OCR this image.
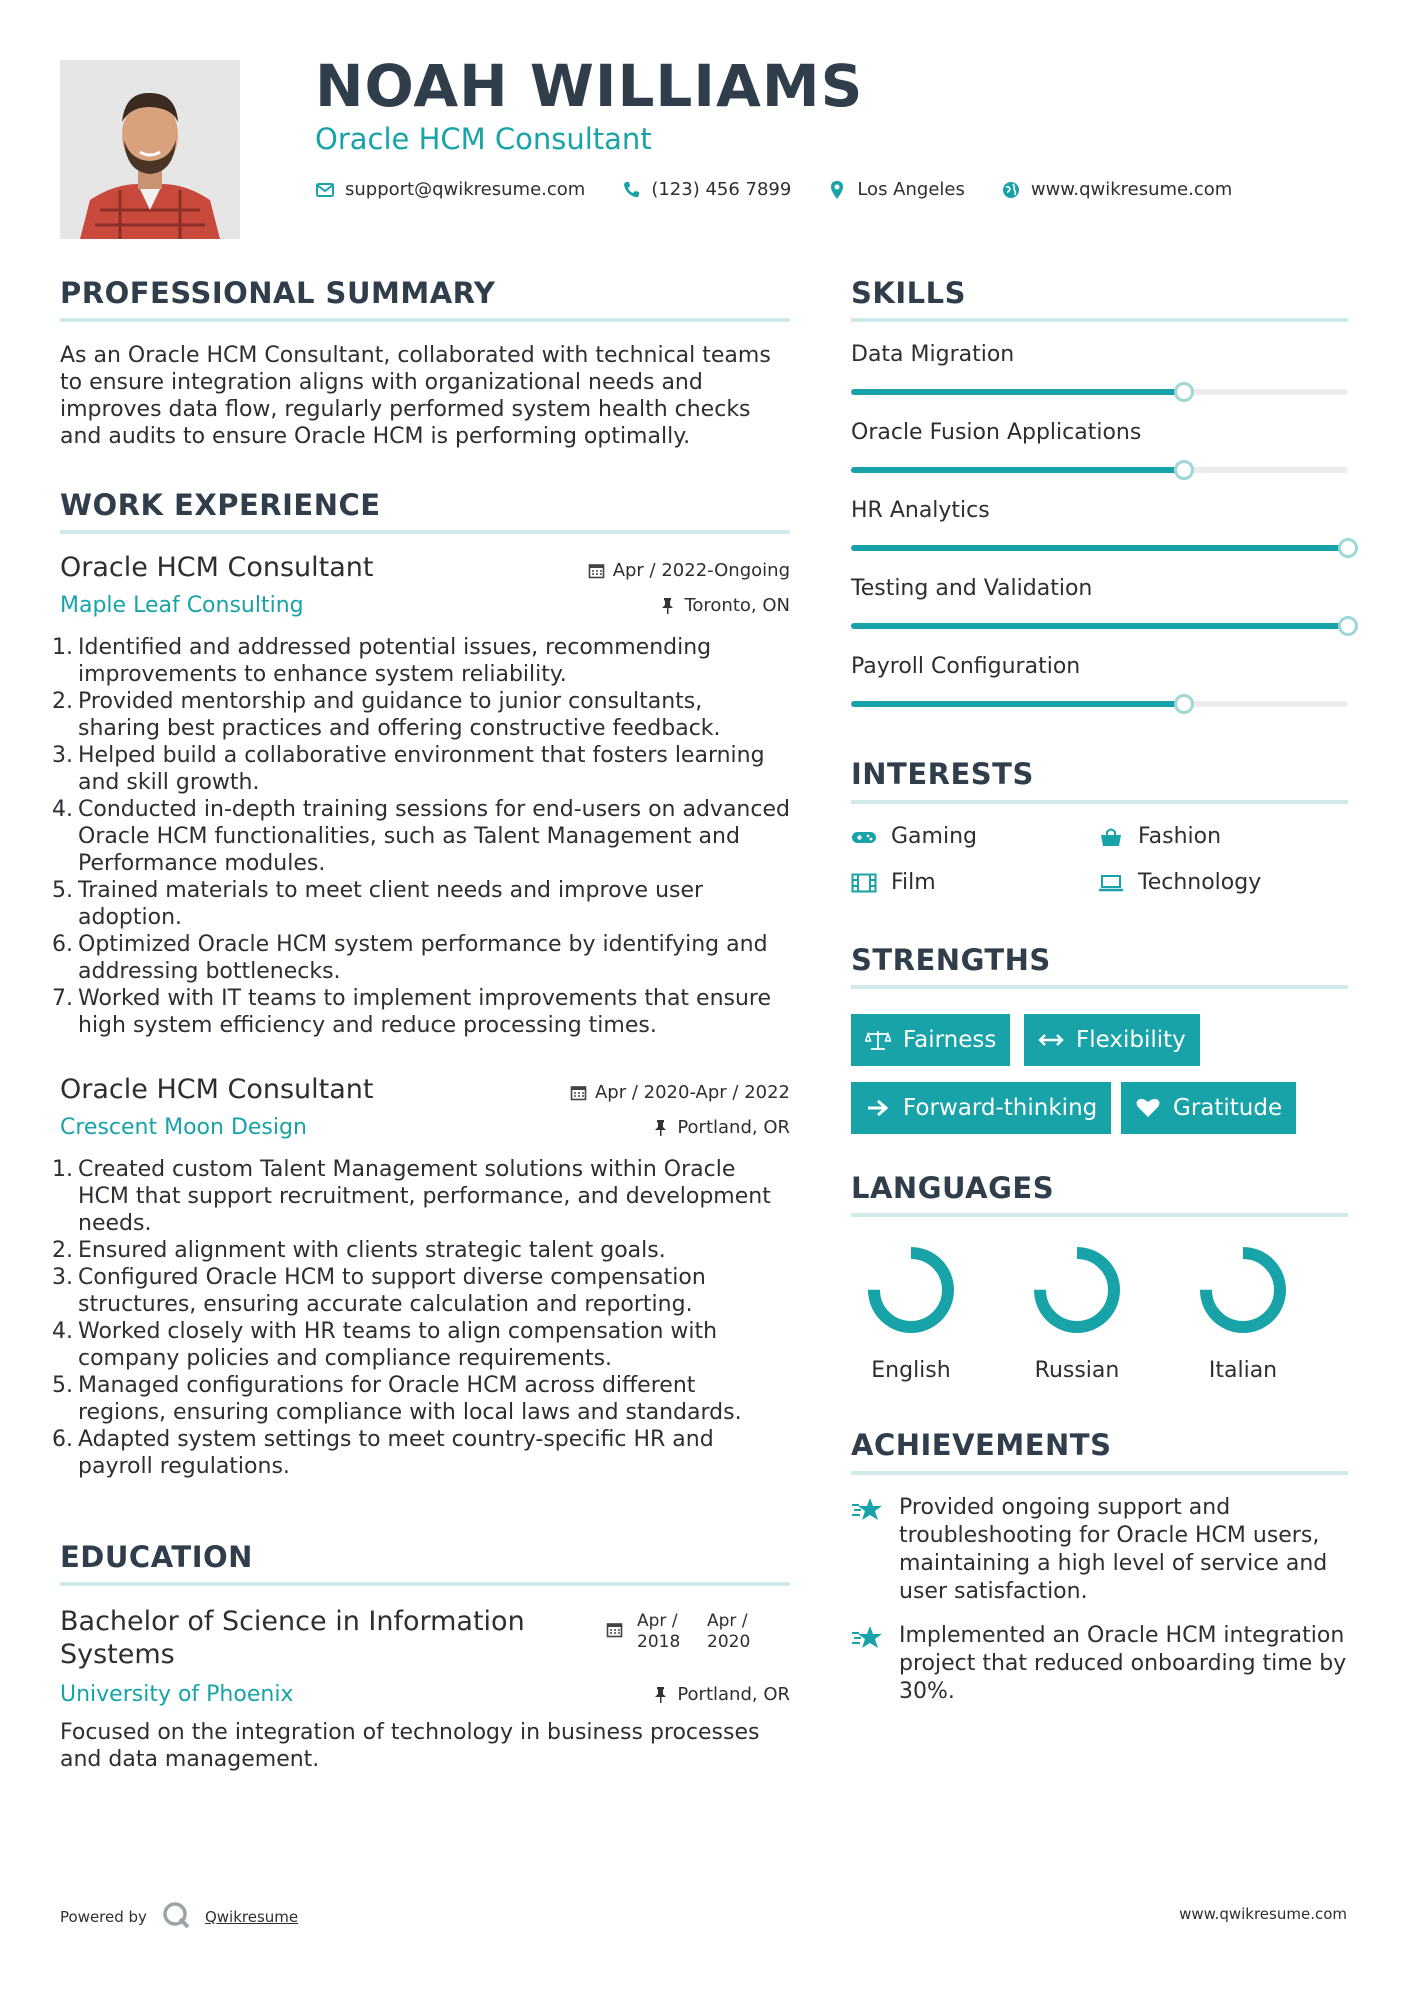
NOAH WILLIAMS
Oracle HCM Consultant
support@qwikresume.com	(123) 456 7899	Los Angeles	www.qwikresume.com
PROFESSIONAL SUMMARY
As an Oracle HCM Consultant, collaborated with technical teams to ensure integration aligns with organizational needs and improves data flow, regularly performed system health checks and audits to ensure Oracle HCM is performing optimally.
WORK EXPERIENCE
Oracle HCM Consultant	Apr / 2022-Ongoing
Maple Leaf Consulting	Toronto, ON
1. Identified and addressed potential issues, recommending improvements to enhance system reliability.
2. Provided mentorship and guidance to junior consultants, sharing best practices and offering constructive feedback.
3. Helped build a collaborative environment that fosters learning and skill growth.
4. Conducted in-depth training sessions for end-users on advanced Oracle HCM functionalities, such as Talent Management and Performance modules.
5. Trained materials to meet client needs and improve user adoption.
6. Optimized Oracle HCM system performance by identifying and addressing bottlenecks.
7. Worked with IT teams to implement improvements that ensure high system efficiency and reduce processing times.
Oracle HCM Consultant	Apr / 2020-Apr / 2022
Crescent Moon Design	Portland, OR
1. Created custom Talent Management solutions within Oracle HCM that support recruitment, performance, and development needs.
2. Ensured alignment with clients strategic talent goals.
3. Configured Oracle HCM to support diverse compensation structures, ensuring accurate calculation and reporting.
4. Worked closely with HR teams to align compensation with company policies and compliance requirements.
5. Managed configurations for Oracle HCM across different regions, ensuring compliance with local laws and standards.
6. Adapted system settings to meet country-specific HR and payroll regulations.
EDUCATION
Bachelor of Science in Information Systems
Apr / 2018
Apr / 2020
University of Phoenix	Portland, OR
Focused on the integration of technology in business processes and data management.
SKILLS
Data Migration
Oracle Fusion Applications
HR Analytics
Testing and Validation
Payroll Configuration
INTERESTS
Gaming	Fashion
Film	Technology
STRENGTHS
Fairness	Flexibility
Forward-thinking	Gratitude
LANGUAGES
English	Russian	Italian
ACHIEVEMENTS
Provided ongoing support and troubleshooting for Oracle HCM users, maintaining a high level of service and user satisfaction.
Implemented an Oracle HCM integration project that reduced onboarding time by 30%.
Powered by	Qwikresume	www.qwikresume.com
